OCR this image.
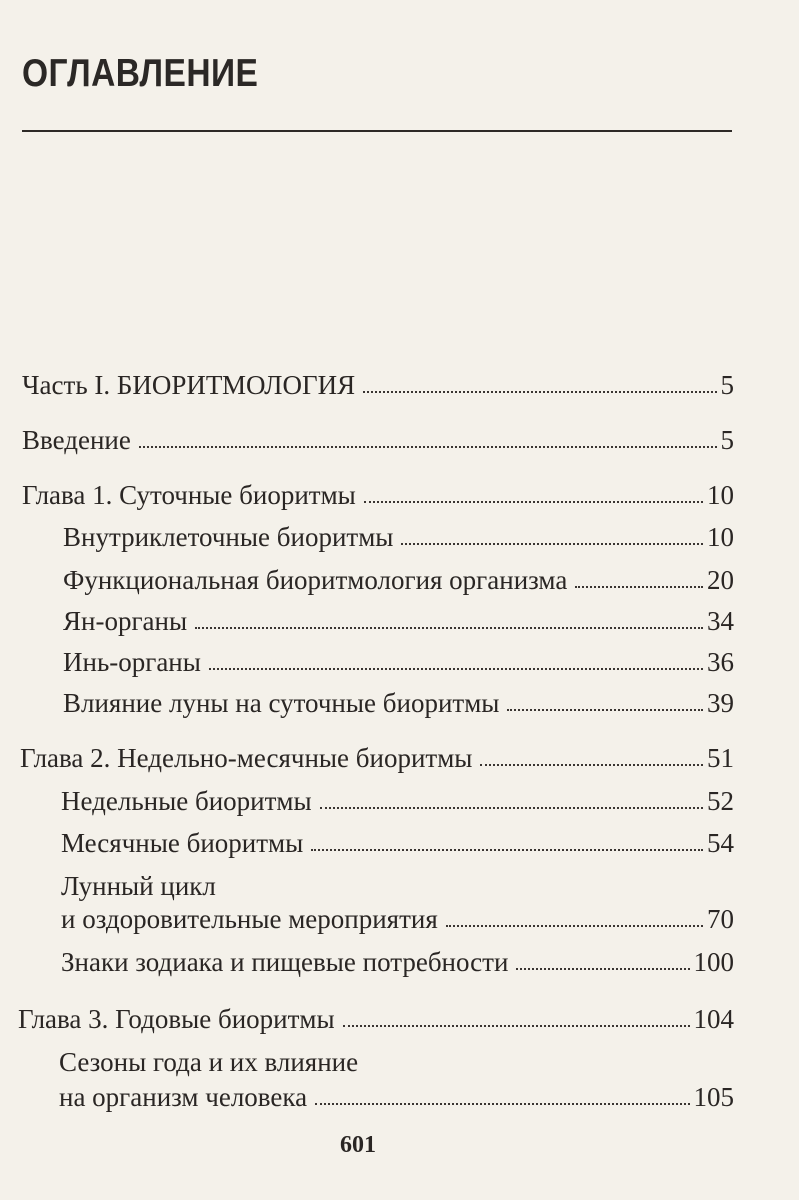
ОГЛАВЛЕНИЕ
Часть I. БИОРИТМОЛОГИЯ	5
Введение	5
Глава 1. Суточные биоритмы	10
Внутриклеточные биоритмы	10
Функциональная биоритмология организма	20
Ян-органы	34
Инь-органы	36
Влияние луны на суточные биоритмы	39
Глава 2. Недельно-месячные биоритмы	51
Недельные биоритмы	52
Месячные биоритмы	54
Лунный цикл
и оздоровительные мероприятия	70
Знаки зодиака и пищевые потребности	100
Глава 3. Годовые биоритмы	104
Сезоны года и их влияние
на организм человека	105
601
